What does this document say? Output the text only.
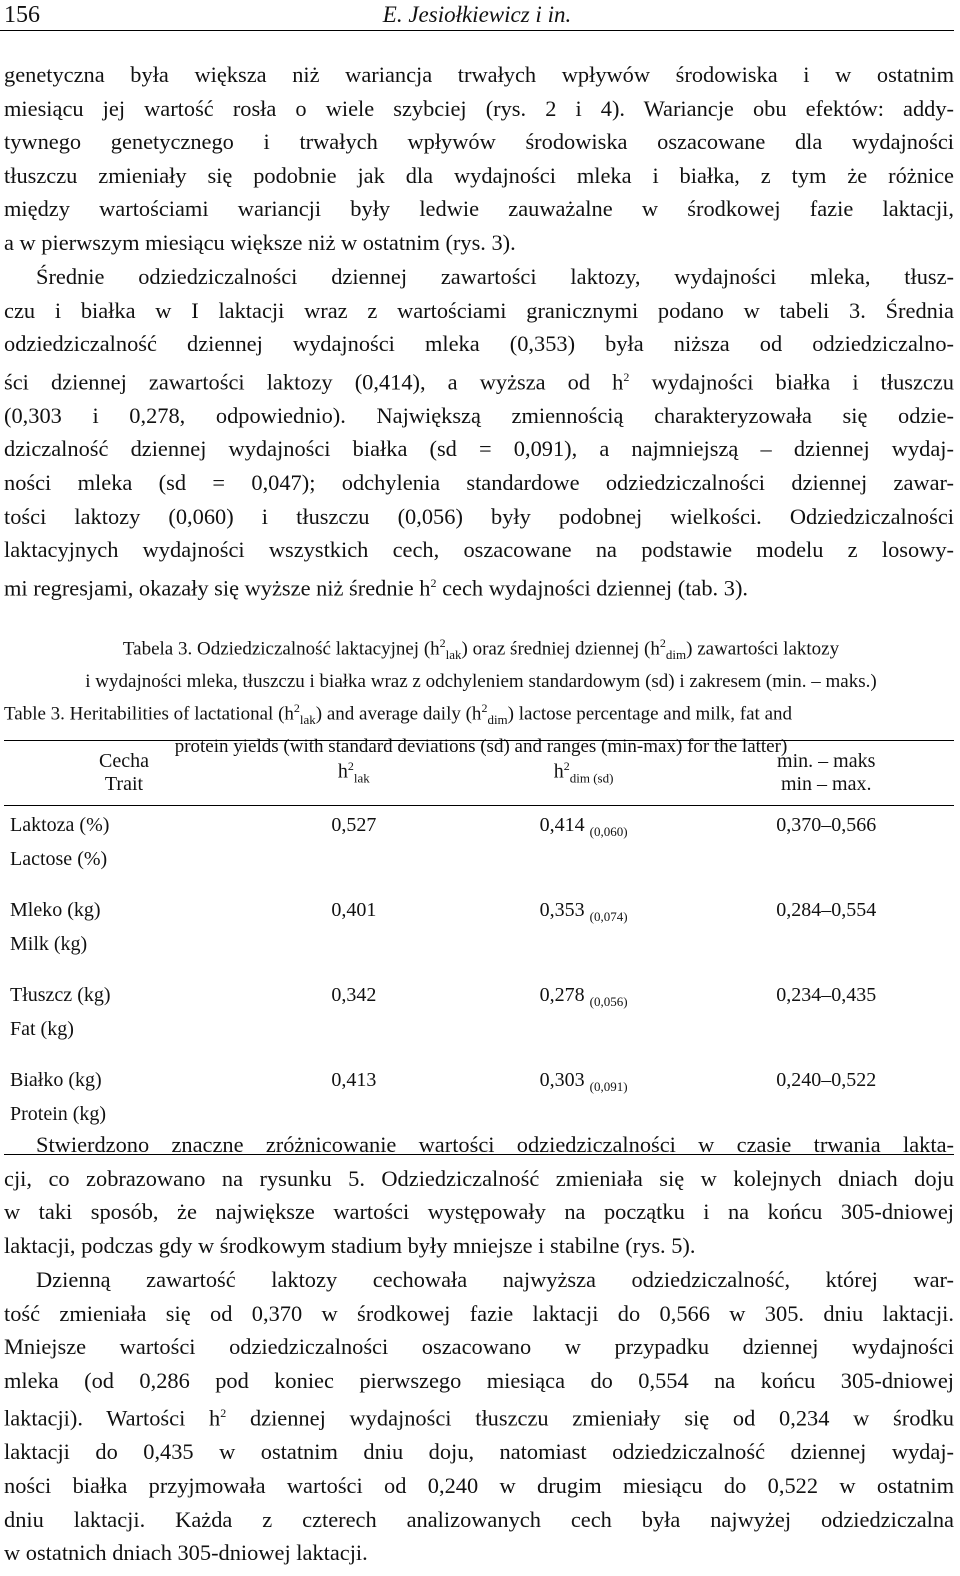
156	E. Jesiołkiewicz i in.
genetyczna była większa niż wariancja trwałych wpływów środowiska i w ostatnim
miesiącu jej wartość rosła o wiele szybciej (rys. 2 i 4). Wariancje obu efektów: addy-
tywnego genetycznego i trwałych wpływów środowiska oszacowane dla wydajności
tłuszczu zmieniały się podobnie jak dla wydajności mleka i białka, z tym że różnice
między wartościami wariancji były ledwie zauważalne w środkowej fazie laktacji,
a w pierwszym miesiącu większe niż w ostatnim (rys. 3).
Średnie odziedziczalności dziennej zawartości laktozy, wydajności mleka, tłusz-
czu i białka w I laktacji wraz z wartościami granicznymi podano w tabeli 3. Średnia
odziedziczalność dziennej wydajności mleka (0,353) była niższa od odziedziczalno-
ści dziennej zawartości laktozy (0,414), a wyższa od $h^2$ wydajności białka i tłuszczu
(0,303 i 0,278, odpowiednio). Największą zmiennością charakteryzowała się odzie-
dziczalność dziennej wydajności białka (sd = 0,091), a najmniejszą – dziennej wydaj-
ności mleka (sd = 0,047); odchylenia standardowe odziedziczalności dziennej zawar-
tości laktozy (0,060) i tłuszczu (0,056) były podobnej wielkości. Odziedziczalności
laktacyjnych wydajności wszystkich cech, oszacowane na podstawie modelu z losowy-
mi regresjami, okazały się wyższe niż średnie $h^2$ cech wydajności dziennej (tab. 3).
Tabela 3. Odziedziczalność laktacyjnej $(h^2_{lak})$ oraz średniej dziennej $(h^2_{dim})$ zawartości laktozy
i wydajności mleka, tłuszczu i białka wraz z odchyleniem standardowym (sd) i zakresem (min. – maks.)
Table 3. Heritabilities of lactational $(h^2_{lak})$ and average daily $(h^2_{dim})$ lactose percentage and milk, fat and
protein yields (with standard deviations (sd) and ranges (min-max) for the latter)
Cecha
Trait	$h^2_{lak}$	$h^2_{dim (sd)}$	min. – maks
min – max.
Laktoza (%)
Lactose (%)	0,527	0,414 $_{(0,060)}$	0,370–0,566
Mleko (kg)
Milk (kg)	0,401	0,353 $_{(0,074)}$	0,284–0,554
Tłuszcz (kg)
Fat (kg)	0,342	0,278 $_{(0,056)}$	0,234–0,435
Białko (kg)
Protein (kg)	0,413	0,303 $_{(0,091)}$	0,240–0,522
Stwierdzono znaczne zróżnicowanie wartości odziedziczalności w czasie trwania lakta-
cji, co zobrazowano na rysunku 5. Odziedziczalność zmieniała się w kolejnych dniach doju
w taki sposób, że największe wartości występowały na początku i na końcu 305-dniowej
laktacji, podczas gdy w środkowym stadium były mniejsze i stabilne (rys. 5).
Dzienną zawartość laktozy cechowała najwyższa odziedziczalność, której war-
tość zmieniała się od 0,370 w środkowej fazie laktacji do 0,566 w 305. dniu laktacji.
Mniejsze wartości odziedziczalności oszacowano w przypadku dziennej wydajności
mleka (od 0,286 pod koniec pierwszego miesiąca do 0,554 na końcu 305-dniowej
laktacji). Wartości $h^2$ dziennej wydajności tłuszczu zmieniały się od 0,234 w środku
laktacji do 0,435 w ostatnim dniu doju, natomiast odziedziczalność dziennej wydaj-
ności białka przyjmowała wartości od 0,240 w drugim miesiącu do 0,522 w ostatnim
dniu laktacji. Każda z czterech analizowanych cech była najwyżej odziedziczalna
w ostatnich dniach 305-dniowej laktacji.
